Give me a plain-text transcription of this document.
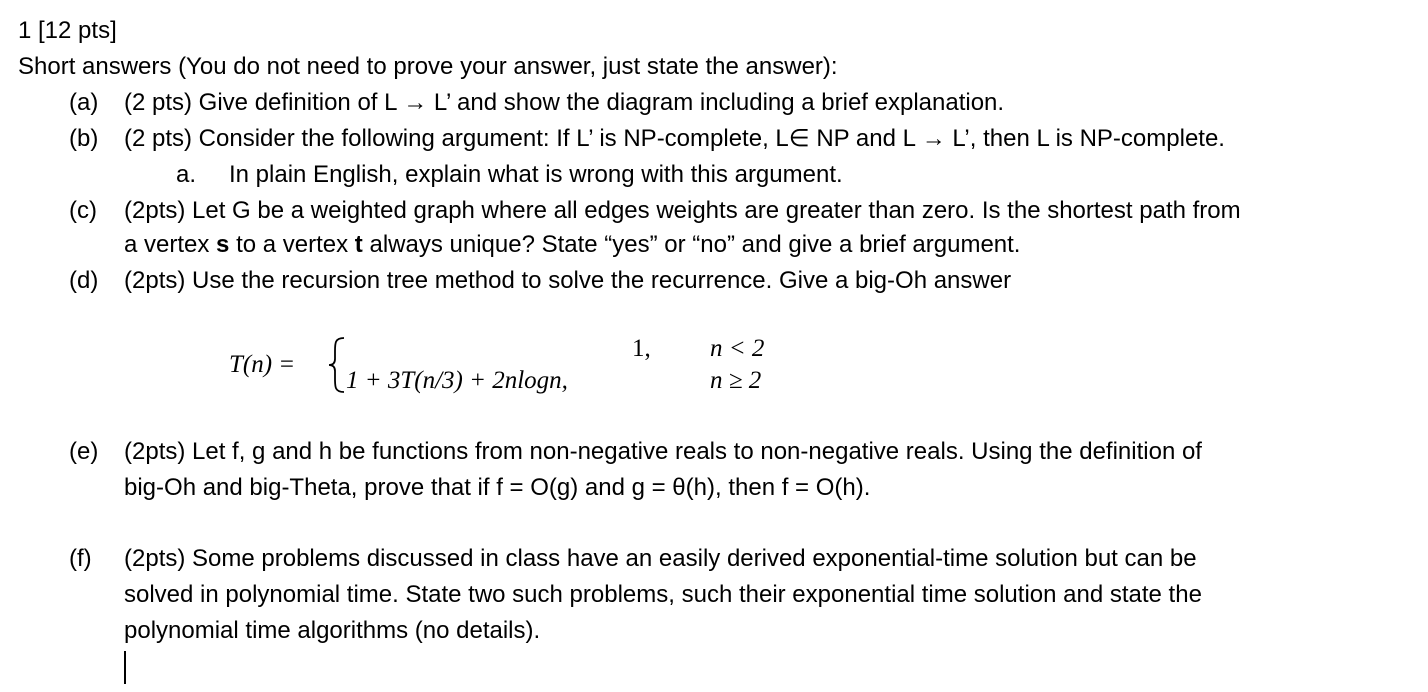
1 [12 pts]
Short answers (You do not need to prove your answer, just state the answer):
(a) (2 pts) Give definition of L → L’ and show the diagram including a brief explanation.
(b) (2 pts) Consider the following argument: If L’ is NP-complete, L∈ NP and L → L’, then L is NP-complete.
a. In plain English, explain what is wrong with this argument.
(c) (2pts) Let G be a weighted graph where all edges weights are greater than zero. Is the shortest path from
a vertex s to a vertex t always unique? State “yes” or “no” and give a brief argument.
(d) (2pts) Use the recursion tree method to solve the recurrence. Give a big-Oh answer
T(n) =
1, n < 2
1 + 3T(n/3) + 2nlogn,	n ≥ 2
(e) (2pts) Let f, g and h be functions from non-negative reals to non-negative reals. Using the definition of
big-Oh and big-Theta, prove that if f = O(g) and g = θ(h), then f = O(h).
(f) (2pts) Some problems discussed in class have an easily derived exponential-time solution but can be
solved in polynomial time. State two such problems, such their exponential time solution and state the
polynomial time algorithms (no details).
